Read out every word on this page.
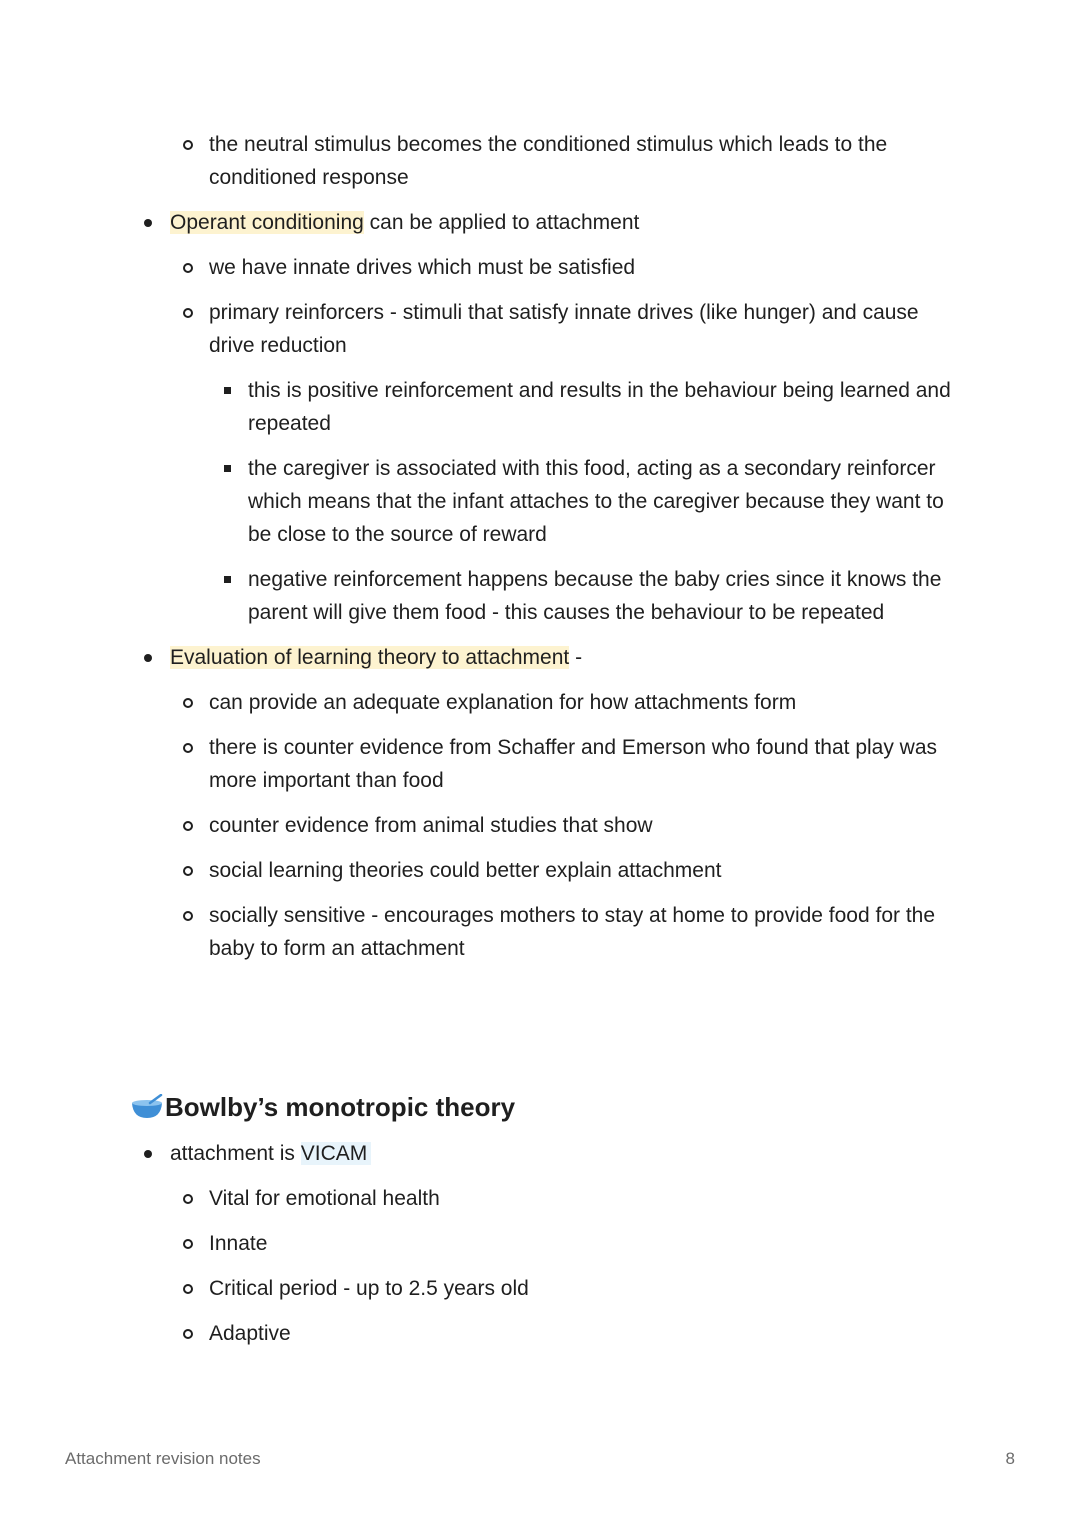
the neutral stimulus becomes the conditioned stimulus which leads to the conditioned response
Operant conditioning can be applied to attachment
we have innate drives which must be satisfied
primary reinforcers - stimuli that satisfy innate drives (like hunger) and cause drive reduction
this is positive reinforcement and results in the behaviour being learned and repeated
the caregiver is associated with this food, acting as a secondary reinforcer which means that the infant attaches to the caregiver because they want to be close to the source of reward
negative reinforcement happens because the baby cries since it knows the parent will give them food - this causes the behaviour to be repeated
Evaluation of learning theory to attachment -
can provide an adequate explanation for how attachments form
there is counter evidence from Schaffer and Emerson who found that play was more important than food
counter evidence from animal studies that show
social learning theories could better explain attachment
socially sensitive - encourages mothers to stay at home to provide food for the baby to form an attachment
Bowlby’s monotropic theory
attachment is VICAM
Vital for emotional health
Innate
Critical period - up to 2.5 years old
Adaptive
Attachment revision notes	8
